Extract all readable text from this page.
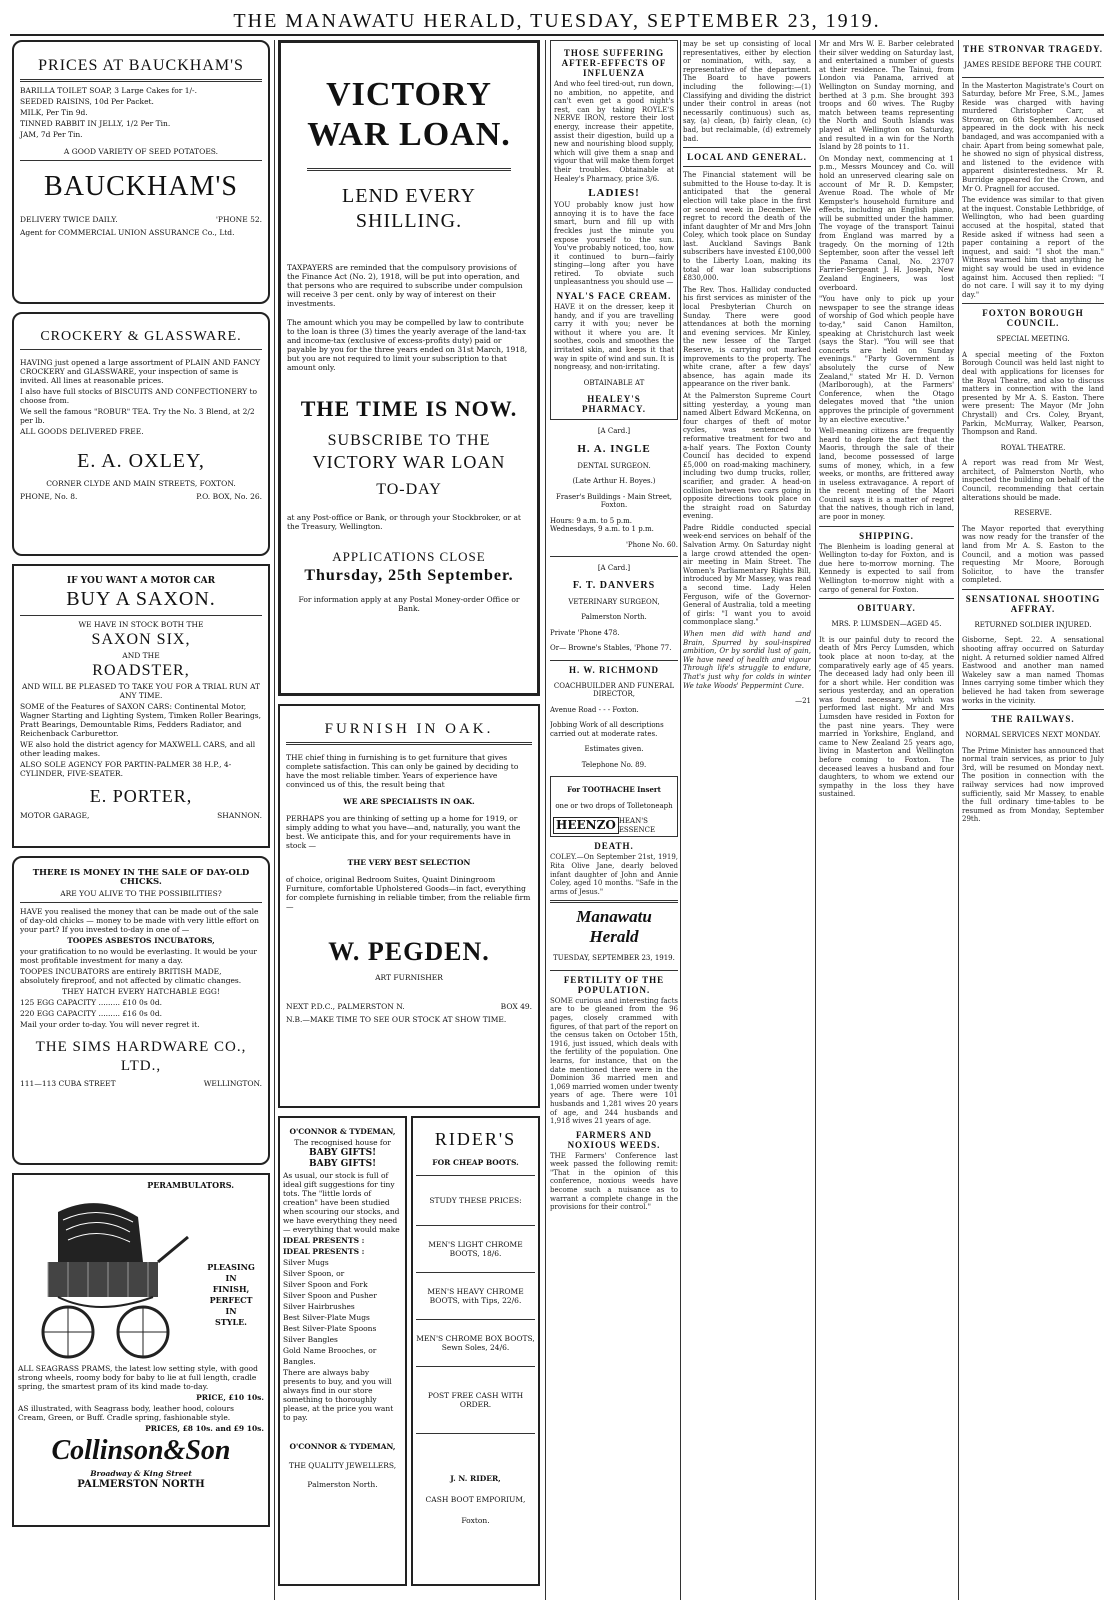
THE MANAWATU HERALD, TUESDAY, SEPTEMBER 23, 1919.
PRICES AT BAUCKHAM'S

BARILLA TOILET SOAP, 3 Large Cakes for 1/-.

SEEDED RAISINS, 10d Per Packet.

MILK, Per Tin 9d.

TINNED RABBIT IN JELLY, 1/2 Per Tin.

JAM, 7d Per Tin.

A GOOD VARIETY OF SEED POTATOES.

BAUCKHAM'S

DELIVERY TWICE DAILY.	'PHONE 52.

Agent for COMMERCIAL UNION ASSURANCE Co., Ltd.

CROCKERY & GLASSWARE.

HAVING just opened a large assortment of PLAIN AND FANCY CROCKERY and GLASSWARE, your inspection of same is invited. All lines at reasonable prices.

I also have full stocks of BISCUITS AND CONFECTIONERY to choose from.

We sell the famous "ROBUR" TEA. Try the No. 3 Blend, at 2/2 per lb.

ALL GOODS DELIVERED FREE.

E. A. OXLEY,

CORNER CLYDE AND MAIN STREETS, FOXTON.

PHONE, No. 8.	P.O. BOX, No. 26.

IF YOU WANT A MOTOR CAR

BUY A SAXON.

WE HAVE IN STOCK BOTH THE

SAXON SIX,

AND THE

ROADSTER,

AND WILL BE PLEASED TO TAKE YOU FOR A TRIAL RUN AT ANY TIME.

SOME of the Features of SAXON CARS: Continental Motor, Wagner Starting and Lighting System, Timken Roller Bearings, Pratt Bearings, Demountable Rims, Fedders Radiator, and Reichenback Carburettor.

WE also hold the district agency for MAXWELL CARS, and all other leading makes.

ALSO SOLE AGENCY FOR PARTIN-PALMER 38 H.P., 4-CYLINDER, FIVE-SEATER.

E. PORTER,

MOTOR GARAGE,	SHANNON.

THERE IS MONEY IN THE SALE OF DAY-OLD CHICKS.

ARE YOU ALIVE TO THE POSSIBILITIES?

HAVE you realised the money that can be made out of the sale of day-old chicks — money to be made with very little effort on your part? If you invested to-day in one of —

TOOPES ASBESTOS INCUBATORS,

your gratification to no would be everlasting. It would be your most profitable investment for many a day.

TOOPES INCUBATORS are entirely BRITISH MADE, absolutely fireproof, and not affected by climatic changes.

THEY HATCH EVERY HATCHABLE EGG!

125 EGG CAPACITY ......... £10 0s 0d.

220 EGG CAPACITY ......... £16 0s 0d.

Mail your order to-day. You will never regret it.

THE SIMS HARDWARE CO.,
LTD.,

111—113 CUBA STREET	WELLINGTON.

PERAMBULATORS.

PLEASING
IN
FINISH,
PERFECT
IN
STYLE.

ALL SEAGRASS PRAMS, the latest low setting style, with good strong wheels, roomy body for baby to lie at full length, cradle spring, the smartest pram of its kind made to-day.

PRICE, £10 10s.

AS illustrated, with Seagrass body, leather hood, colours Cream, Green, or Buff. Cradle spring, fashionable style.

PRICES, £8 10s. and £9 10s.

Collinson&Son

Broadway & King Street

PALMERSTON NORTH

VICTORY
WAR LOAN.
LEND EVERY
SHILLING.

TAXPAYERS are reminded that the compulsory provisions of the Finance Act (No. 2), 1918, will be put into operation, and that persons who are required to subscribe under compulsion will receive 3 per cent. only by way of interest on their investments.

The amount which you may be compelled by law to contribute to the loan is three (3) times the yearly average of the land-tax and income-tax (exclusive of excess-profits duty) paid or payable by you for the three years ended on 31st March, 1918, but you are not required to limit your subscription to that amount only.

THE TIME IS NOW.
SUBSCRIBE TO THE
VICTORY WAR LOAN
TO-DAY

at any Post-office or Bank, or through your Stockbroker, or at the Treasury, Wellington.

APPLICATIONS CLOSE
Thursday, 25th September.

For information apply at any Postal Money-order Office or Bank.

FURNISH IN OAK.

THE chief thing in furnishing is to get furniture that gives complete satisfaction. This can only be gained by deciding to have the most reliable timber. Years of experience have convinced us of this, the result being that

WE ARE SPECIALISTS IN OAK.

PERHAPS you are thinking of setting up a home for 1919, or simply adding to what you have—and, naturally, you want the best. We anticipate this, and for your requirements have in stock —

THE VERY BEST SELECTION

of choice, original Bedroom Suites, Quaint Diningroom Furniture, comfortable Upholstered Goods—in fact, everything for complete furnishing in reliable timber, from the reliable firm —

W. PEGDEN.

ART FURNISHER

NEXT P.D.C., PALMERSTON N.	BOX 49.

N.B.—MAKE TIME TO SEE OUR STOCK AT SHOW TIME.

O'CONNOR & TYDEMAN,

The recognised house for

BABY GIFTS!

BABY GIFTS!

As usual, our stock is full of ideal gift suggestions for tiny tots. The "little lords of creation" have been studied when scouring our stocks, and we have everything they need — everything that would make

IDEAL PRESENTS :

IDEAL PRESENTS :

Silver Mugs

Silver Spoon, or

Silver Spoon and Fork

Silver Spoon and Pusher

Silver Hairbrushes

Best Silver-Plate Mugs

Best Silver-Plate Spoons

Silver Bangles

Gold Name Brooches, or

Bangles.

There are always baby presents to buy, and you will always find in our store something to thoroughly please, at the price you want to pay.

O'CONNOR & TYDEMAN,

THE QUALITY JEWELLERS,

Palmerston North.

RIDER'S

FOR CHEAP BOOTS.

STUDY THESE PRICES:

MEN'S LIGHT CHROME BOOTS, 18/6.

MEN'S HEAVY CHROME BOOTS, with Tips, 22/6.

MEN'S CHROME BOX BOOTS, Sewn Soles, 24/6.

POST FREE CASH WITH ORDER.

J. N. RIDER,

CASH BOOT EMPORIUM,

Foxton.

THOSE SUFFERING AFTER-EFFECTS OF INFLUENZA

And who feel tired-out, run down, no ambition, no appetite, and can't even get a good night's rest, can by taking ROYLE'S NERVE IRON, restore their lost energy, increase their appetite, assist their digestion, build up a new and nourishing blood supply, which will give them a snap and vigour that will make them forget their troubles. Obtainable at Healey's Pharmacy, price 3/6.

LADIES!

YOU probably know just how annoying it is to have the face smart, burn and fill up with freckles just the minute you expose yourself to the sun. You've probably noticed, too, how it continued to burn—fairly stinging—long after you have retired. To obviate such unpleasantness you should use —

NYAL'S FACE CREAM.

HAVE it on the dresser, keep it handy, and if you are travelling carry it with you; never be without it where you are. It soothes, cools and smoothes the irritated skin, and keeps it that way in spite of wind and sun. It is nongreasy, and non-irritating.

OBTAINABLE AT

HEALEY'S PHARMACY.

[A Card.]

H. A. INGLE

DENTAL SURGEON.

(Late Arthur H. Boyes.)

Fraser's Buildings - Main Street, Foxton.

Hours: 9 a.m. to 5 p.m. Wednesdays, 9 a.m. to 1 p.m.

'Phone No. 60.

[A Card.]

F. T. DANVERS

VETERINARY SURGEON,

Palmerston North.

Private 'Phone 478.

Or— Browne's Stables, 'Phone 77.

H. W. RICHMOND

COACHBUILDER AND FUNERAL DIRECTOR,

Avenue Road - - - Foxton.

Jobbing Work of all descriptions carried out at moderate rates.

Estimates given.

Telephone No. 89.

For TOOTHACHE Insert

one or two drops of Tolletoneaph

HEENZO HEAN'S ESSENCE
DEATH.

COLEY.—On September 21st, 1919, Rita Olive Jane, dearly beloved infant daughter of John and Annie Coley, aged 10 months. "Safe in the arms of Jesus."

Manawatu Herald

TUESDAY, SEPTEMBER 23, 1919.

FERTILITY OF THE POPULATION.

SOME curious and interesting facts are to be gleaned from the 96 pages, closely crammed with figures, of that part of the report on the census taken on October 15th, 1916, just issued, which deals with the fertility of the population. One learns, for instance, that on the date mentioned there were in the Dominion 36 married men and 1,069 married women under twenty years of age. There were 101 husbands and 1,281 wives 20 years of age, and 244 husbands and 1,918 wives 21 years of age.

FARMERS AND NOXIOUS WEEDS.

THE Farmers' Conference last week passed the following remit: "That in the opinion of this conference, noxious weeds have become such a nuisance as to warrant a complete change in the provisions for their control."

may be set up consisting of local representatives, either by election or nomination, with, say, a representative of the department. The Board to have powers including the following:—(1) Classifying and dividing the district under their control in areas (not necessarily continuous) such as, say, (a) clean, (b) fairly clean, (c) bad, but reclaimable, (d) extremely bad.

LOCAL AND GENERAL.

The Financial statement will be submitted to the House to-day. It is anticipated that the general election will take place in the first or second week in December. We regret to record the death of the infant daughter of Mr and Mrs John Coley, which took place on Sunday last. Auckland Savings Bank subscribers have invested £100,000 to the Liberty Loan, making its total of war loan subscriptions £830,000.

The Rev. Thos. Halliday conducted his first services as minister of the local Presbyterian Church on Sunday. There were good attendances at both the morning and evening services. Mr Kinley, the new lessee of the Target Reserve, is carrying out marked improvements to the property. The white crane, after a few days' absence, has again made its appearance on the river bank.

At the Palmerston Supreme Court sitting yesterday, a young man named Albert Edward McKenna, on four charges of theft of motor cycles, was sentenced to reformative treatment for two and a-half years. The Foxton County Council has decided to expend £5,000 on road-making machinery, including two dump trucks, roller, scarifier, and grader. A head-on collision between two cars going in opposite directions took place on the straight road on Saturday evening.

Padre Riddle conducted special week-end services on behalf of the Salvation Army. On Saturday night a large crowd attended the open-air meeting in Main Street. The Women's Parliamentary Rights Bill, introduced by Mr Massey, was read a second time. Lady Helen Ferguson, wife of the Governor-General of Australia, told a meeting of girls: "I want you to avoid commonplace slang."

When men did with hand and Brain, Spurred by soul-inspired ambition, Or by sordid lust of gain, We have need of health and vigour Through life's struggle to endure, That's just why for colds in winter We take Woods' Peppermint Cure.

—21

Mr and Mrs W. E. Barber celebrated their silver wedding on Saturday last, and entertained a number of guests at their residence. The Tainui, from London via Panama, arrived at Wellington on Sunday morning, and berthed at 3 p.m. She brought 393 troops and 60 wives. The Rugby match between teams representing the North and South Islands was played at Wellington on Saturday, and resulted in a win for the North Island by 28 points to 11.

On Monday next, commencing at 1 p.m., Messrs Mouncey and Co. will hold an unreserved clearing sale on account of Mr R. D. Kempster, Avenue Road. The whole of Mr Kempster's household furniture and effects, including an English piano, will be submitted under the hammer. The voyage of the transport Tainui from England was marred by a tragedy. On the morning of 12th September, soon after the vessel left the Panama Canal, No. 23707 Farrier-Sergeant J. H. Joseph, New Zealand Engineers, was lost overboard.

"You have only to pick up your newspaper to see the strange ideas of worship of God which people have to-day," said Canon Hamilton, speaking at Christchurch last week (says the Star). "You will see that concerts are held on Sunday evenings." "Party Government is absolutely the curse of New Zealand," stated Mr H. D. Vernon (Marlborough), at the Farmers' Conference, when the Otago delegates moved that "the union approves the principle of government by an elective executive."

Well-meaning citizens are frequently heard to deplore the fact that the Maoris, through the sale of their land, become possessed of large sums of money, which, in a few weeks, or months, are frittered away in useless extravagance. A report of the recent meeting of the Maori Council says it is a matter of regret that the natives, though rich in land, are poor in money.

SHIPPING.

The Blenheim is loading general at Wellington to-day for Foxton, and is due here to-morrow morning. The Kennedy is expected to sail from Wellington to-morrow night with a cargo of general for Foxton.

OBITUARY.

MRS. P. LUMSDEN—AGED 45.

It is our painful duty to record the death of Mrs Percy Lumsden, which took place at noon to-day, at the comparatively early age of 45 years. The deceased lady had only been ill for a short while. Her condition was serious yesterday, and an operation was found necessary, which was performed last night. Mr and Mrs Lumsden have resided in Foxton for the past nine years. They were married in Yorkshire, England, and came to New Zealand 25 years ago, living in Masterton and Wellington before coming to Foxton. The deceased leaves a husband and four daughters, to whom we extend our sympathy in the loss they have sustained.

THE STRONVAR TRAGEDY.

JAMES RESIDE BEFORE THE COURT.

In the Masterton Magistrate's Court on Saturday, before Mr Free, S.M., James Reside was charged with having murdered Christopher Carr, at Stronvar, on 6th September. Accused appeared in the dock with his neck bandaged, and was accompanied with a chair. Apart from being somewhat pale, he showed no sign of physical distress, and listened to the evidence with apparent disinterestedness. Mr R. Burridge appeared for the Crown, and Mr O. Pragnell for accused.

The evidence was similar to that given at the inquest. Constable Lethbridge, of Wellington, who had been guarding accused at the hospital, stated that Reside asked if witness had seen a paper containing a report of the inquest, and said: "I shot the man." Witness warned him that anything he might say would be used in evidence against him. Accused then replied: "I do not care. I will say it to my dying day."

FOXTON BOROUGH COUNCIL.

SPECIAL MEETING.

A special meeting of the Foxton Borough Council was held last night to deal with applications for licenses for the Royal Theatre, and also to discuss matters in connection with the land presented by Mr A. S. Easton. There were present: The Mayor (Mr John Chrystall) and Crs. Coley, Bryant, Parkin, McMurray, Walker, Pearson, Thompson and Rand.

ROYAL THEATRE.

A report was read from Mr West, architect, of Palmerston North, who inspected the building on behalf of the Council, recommending that certain alterations should be made.

RESERVE.

The Mayor reported that everything was now ready for the transfer of the land from Mr A. S. Easton to the Council, and a motion was passed requesting Mr Moore, Borough Solicitor, to have the transfer completed.

SENSATIONAL SHOOTING AFFRAY.

RETURNED SOLDIER INJURED.

Gisborne, Sept. 22. A sensational shooting affray occurred on Saturday night. A returned soldier named Alfred Eastwood and another man named Wakeley saw a man named Thomas Innes carrying some timber which they believed he had taken from sewerage works in the vicinity.

THE RAILWAYS.

NORMAL SERVICES NEXT MONDAY.

The Prime Minister has announced that normal train services, as prior to July 3rd, will be resumed on Monday next. The position in connection with the railway services had now improved sufficiently, said Mr Massey, to enable the full ordinary time-tables to be resumed as from Monday, September 29th.
